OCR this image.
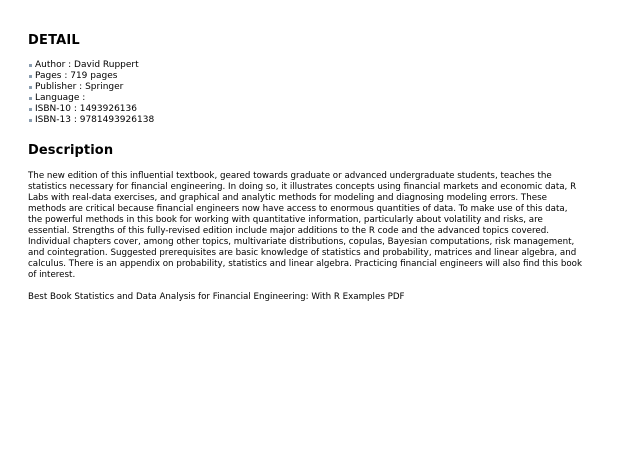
DETAIL
Author : David Ruppert
Pages : 719 pages
Publisher : Springer
Language :
ISBN-10 : 1493926136
ISBN-13 : 9781493926138
Description

The new edition of this influential textbook, geared towards graduate or advanced undergraduate students, teaches the
statistics necessary for financial engineering. In doing so, it illustrates concepts using financial markets and economic data, R
Labs with real-data exercises, and graphical and analytic methods for modeling and diagnosing modeling errors. These
methods are critical because financial engineers now have access to enormous quantities of data. To make use of this data,
the powerful methods in this book for working with quantitative information, particularly about volatility and risks, are
essential. Strengths of this fully-revised edition include major additions to the R code and the advanced topics covered.
Individual chapters cover, among other topics, multivariate distributions, copulas, Bayesian computations, risk management,
and cointegration. Suggested prerequisites are basic knowledge of statistics and probability, matrices and linear algebra, and
calculus. There is an appendix on probability, statistics and linear algebra. Practicing financial engineers will also find this book
of interest.

Best Book Statistics and Data Analysis for Financial Engineering: With R Examples PDF
